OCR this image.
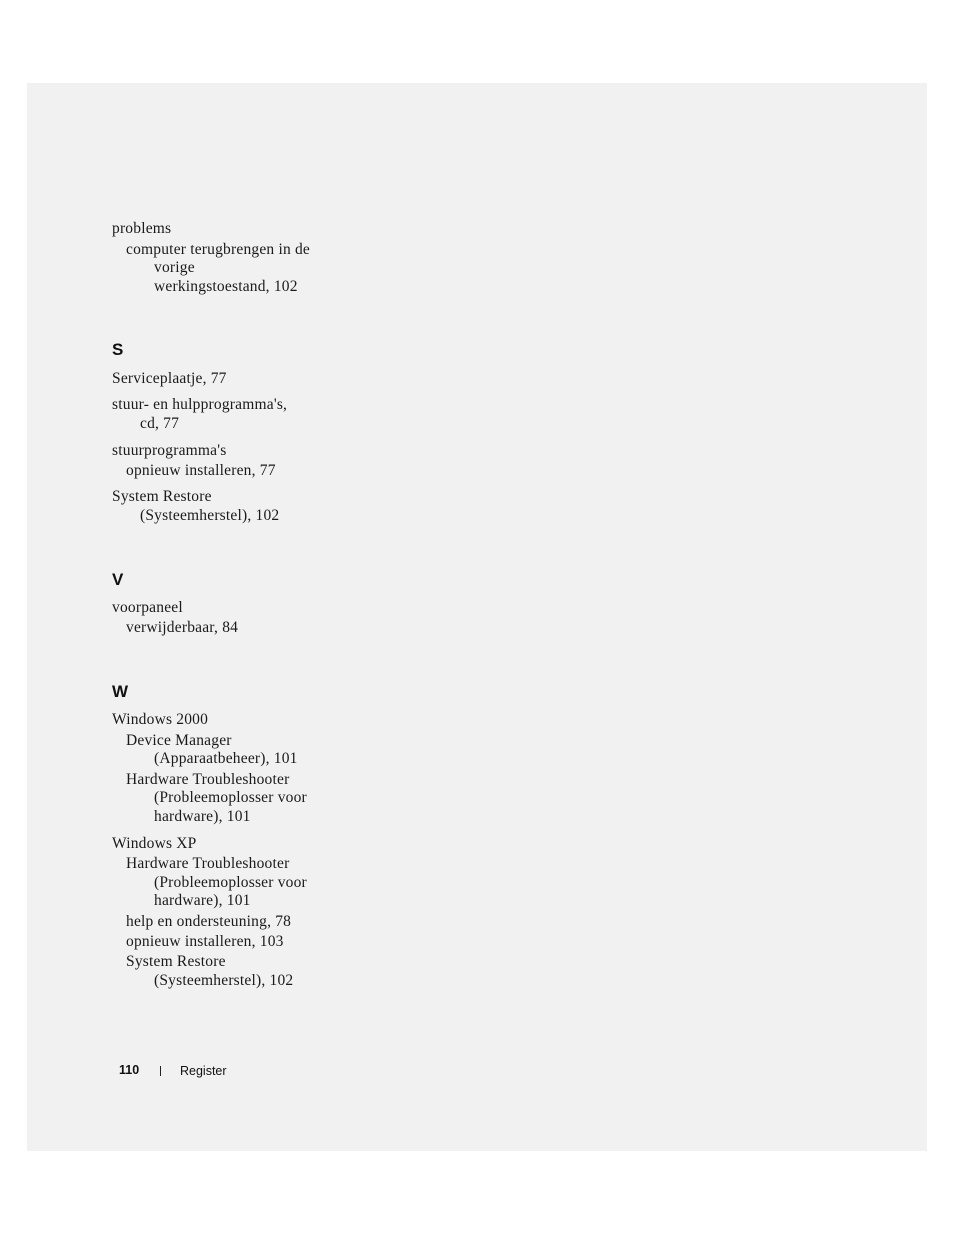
problems
computer terugbrengen in de
vorige
werkingstoestand, 102
S
Serviceplaatje, 77
stuur- en hulpprogramma's,
cd, 77
stuurprogramma's
opnieuw installeren, 77
System Restore
(Systeemherstel), 102
V
voorpaneel
verwijderbaar, 84
W
Windows 2000
Device Manager
(Apparaatbeheer), 101
Hardware Troubleshooter
(Probleemoplosser voor
hardware), 101
Windows XP
Hardware Troubleshooter
(Probleemoplosser voor
hardware), 101
help en ondersteuning, 78
opnieuw installeren, 103
System Restore
(Systeemherstel), 102
110	Register
